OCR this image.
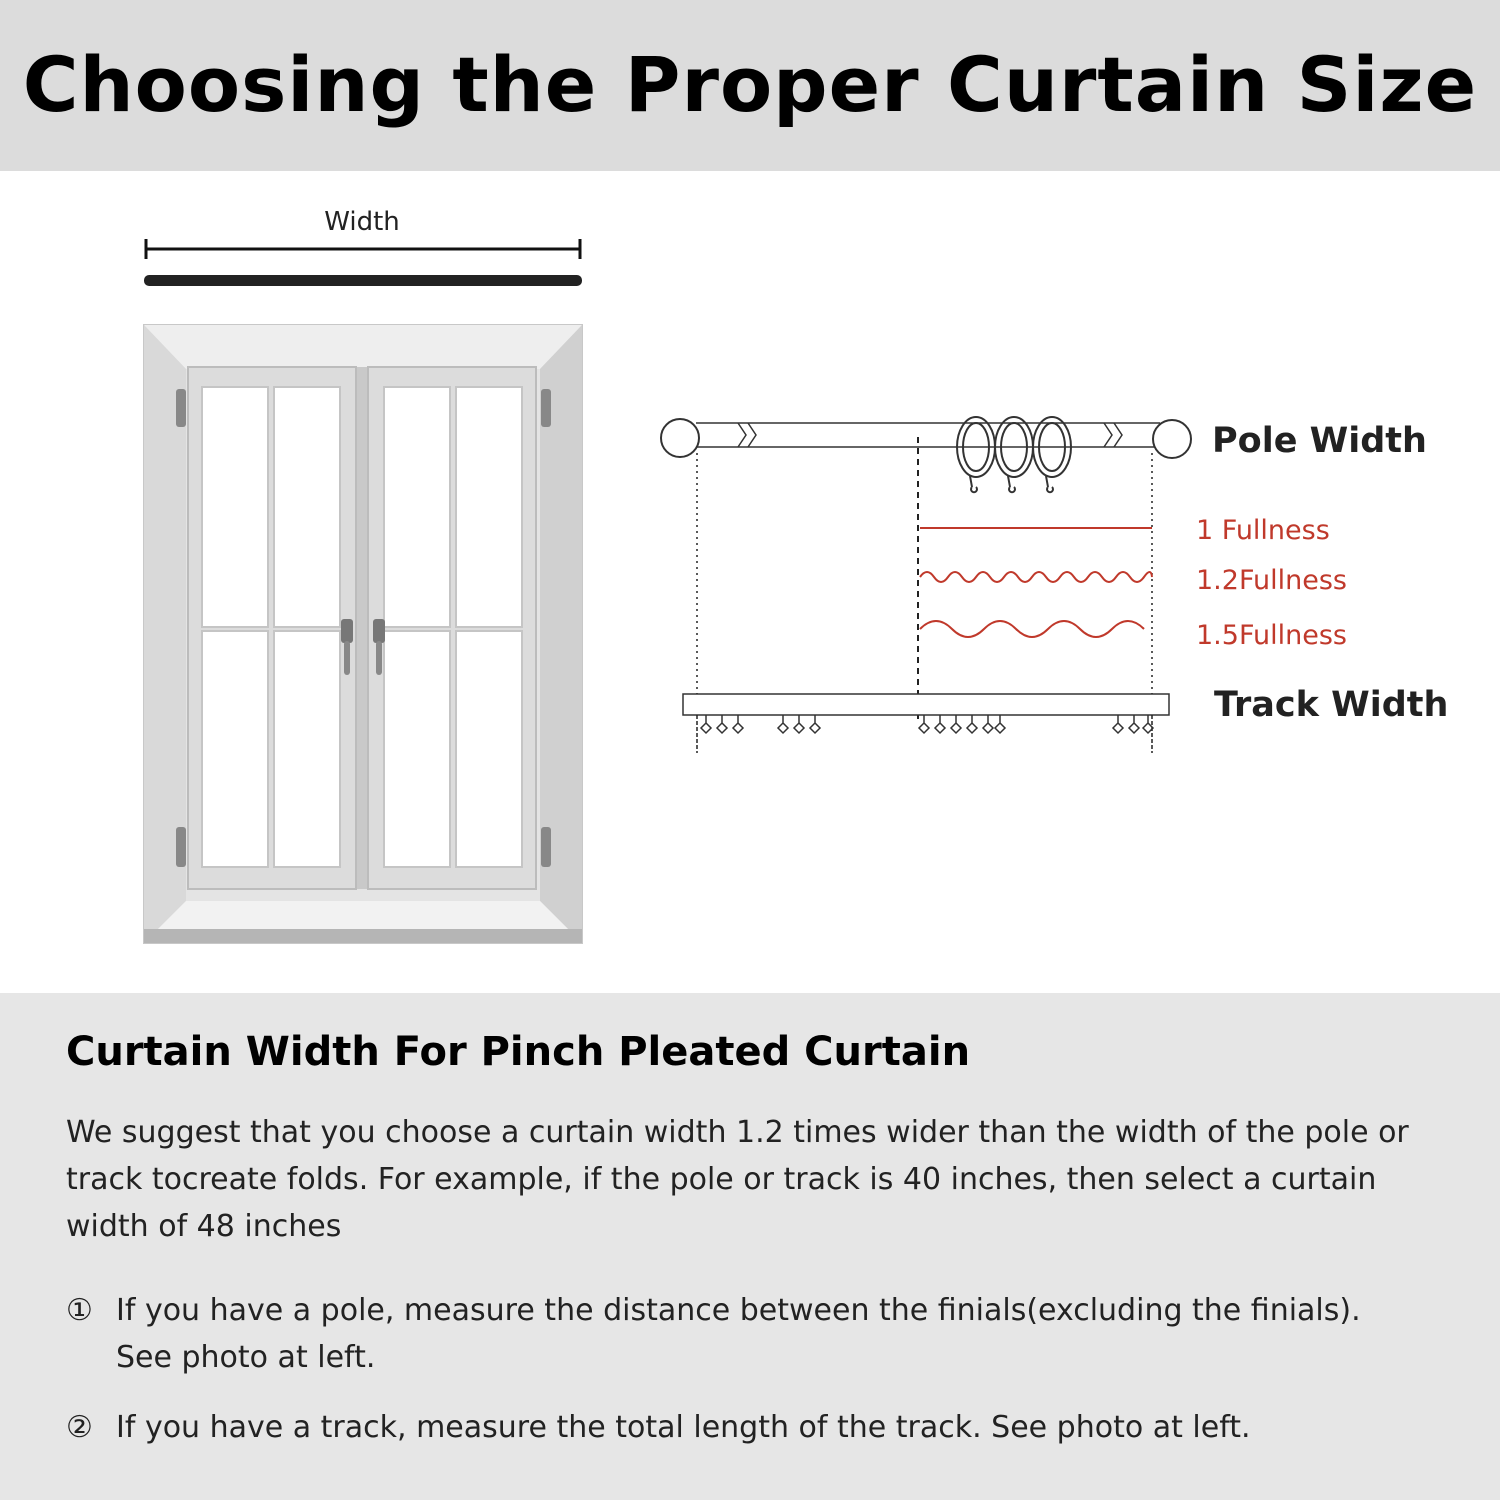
Choosing the Proper Curtain Size
Width
1 Fullness
1.2Fullness
1.5Fullness
Pole Width
Track Width
Curtain Width For Pinch Pleated Curtain

We suggest that you choose a curtain width 1.2 times wider than the width of the pole or track tocreate folds. For example, if the pole or track is 40 inches, then select a curtain width of 48 inches

① If you have a pole, measure the distance between the finials(excluding the finials).
See photo at left.

② If you have a track, measure the total length of the track. See photo at left.
